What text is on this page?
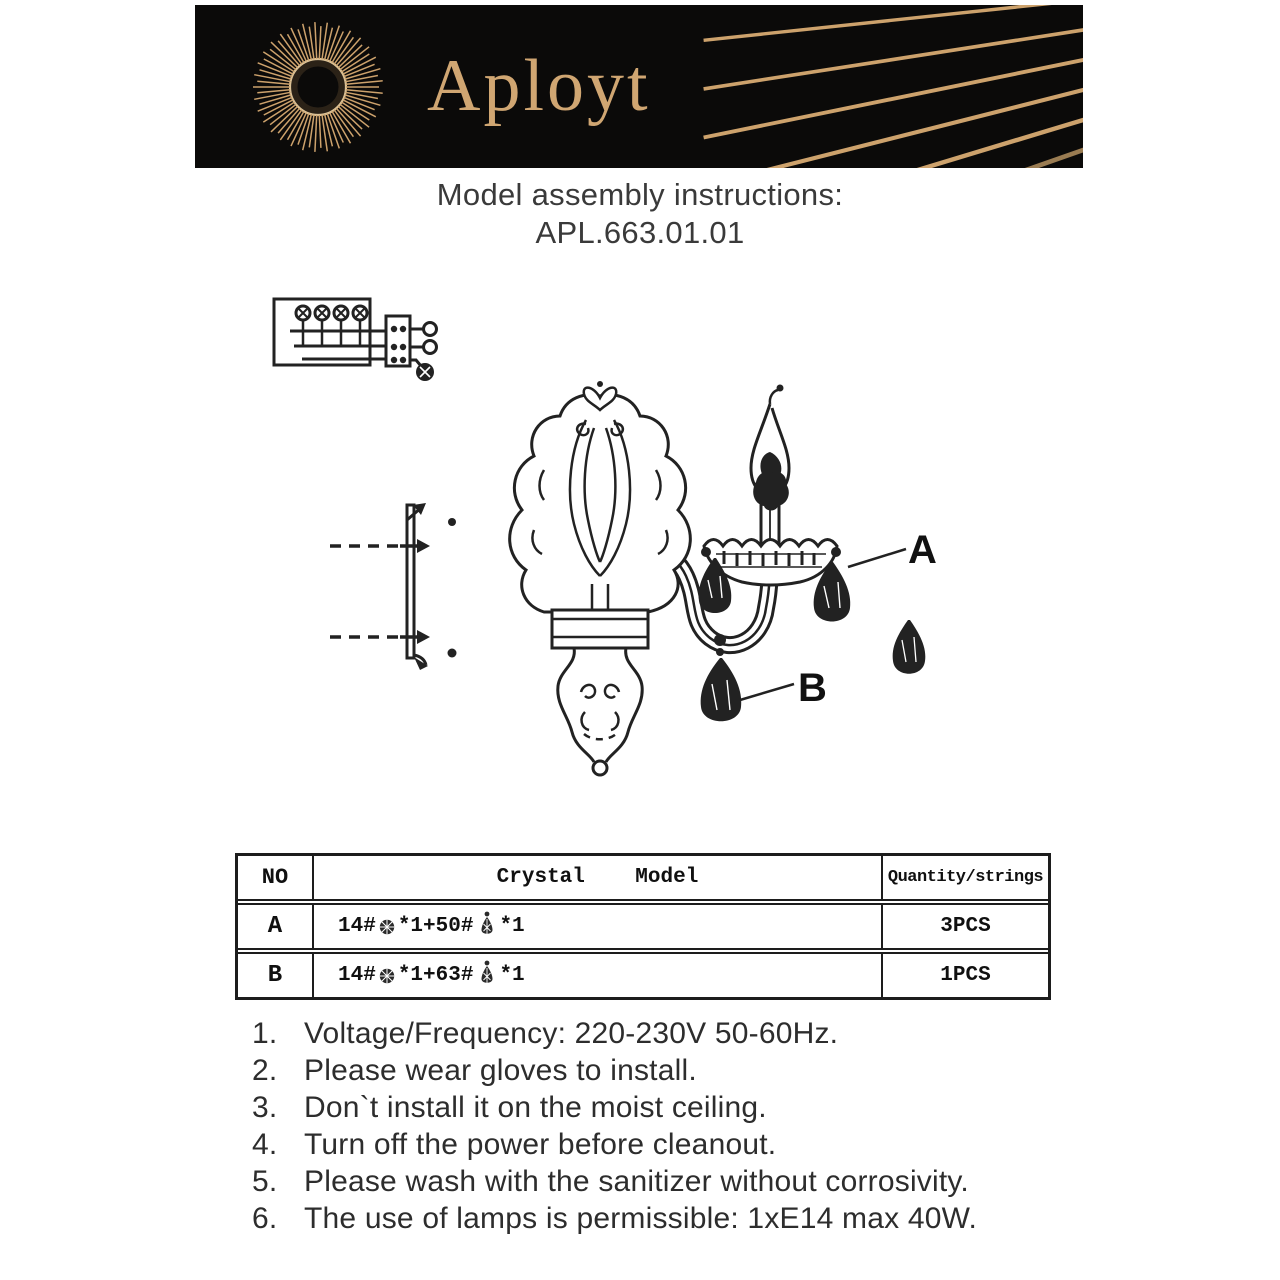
Aployt
Model assembly instructions:
APL.663.01.01
A
B
NO	Crystal    Model	Quantity/strings
A	14# *1+50# *1	3PCS
B	14# *1+63# *1	1PCS
1. Voltage/Frequency: 220-230V 50-60Hz.
2. Please wear gloves to install.
3. Don`t install it on the moist ceiling.
4. Turn off the power before cleanout.
5. Please wash with the sanitizer without corrosivity.
6. The use of lamps is permissible: 1xE14 max 40W.
